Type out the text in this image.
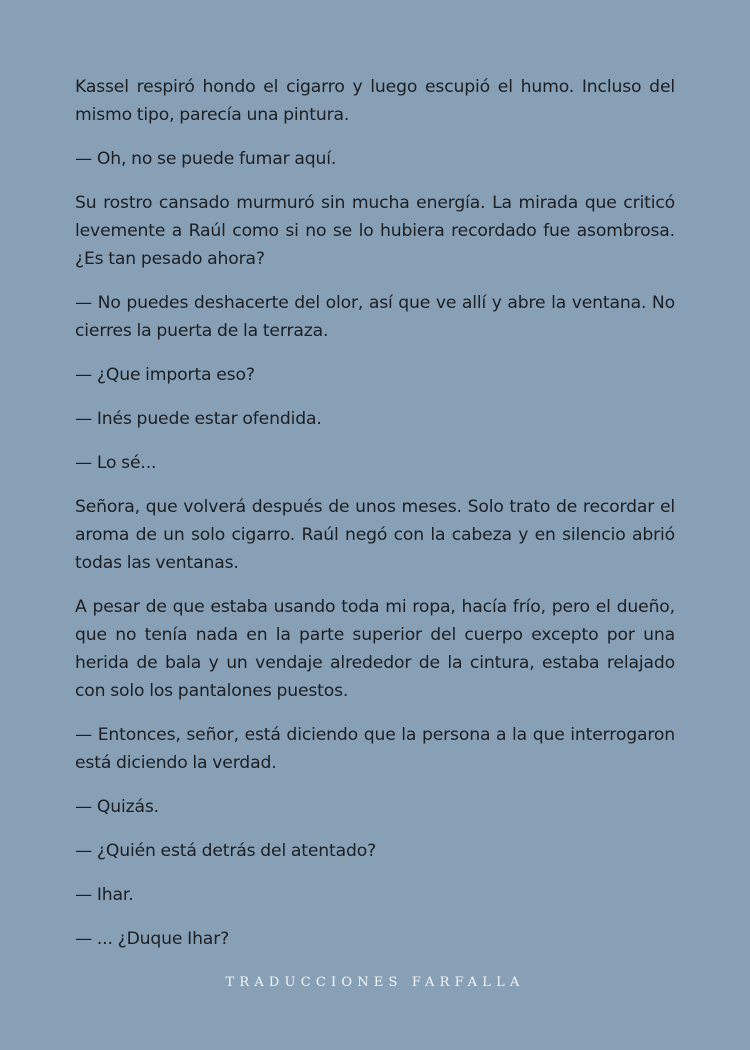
Kassel respiró hondo el cigarro y luego escupió el humo. Incluso del mismo tipo, parecía una pintura.

— Oh, no se puede fumar aquí.

Su rostro cansado murmuró sin mucha energía. La mirada que criticó levemente a Raúl como si no se lo hubiera recordado fue asombrosa. ¿Es tan pesado ahora?

— No puedes deshacerte del olor, así que ve allí y abre la ventana. No cierres la puerta de la terraza.

— ¿Que importa eso?

— Inés puede estar ofendida.

— Lo sé...

Señora, que volverá después de unos meses. Solo trato de recordar el aroma de un solo cigarro. Raúl negó con la cabeza y en silencio abrió todas las ventanas.

A pesar de que estaba usando toda mi ropa, hacía frío, pero el dueño, que no tenía nada en la parte superior del cuerpo excepto por una herida de bala y un vendaje alrededor de la cintura, estaba relajado con solo los pantalones puestos.

— Entonces, señor, está diciendo que la persona a la que interrogaron está diciendo la verdad.

— Quizás.

— ¿Quién está detrás del atentado?

— Ihar.

— ... ¿Duque Ihar?

TRADUCCIONES FARFALLA
